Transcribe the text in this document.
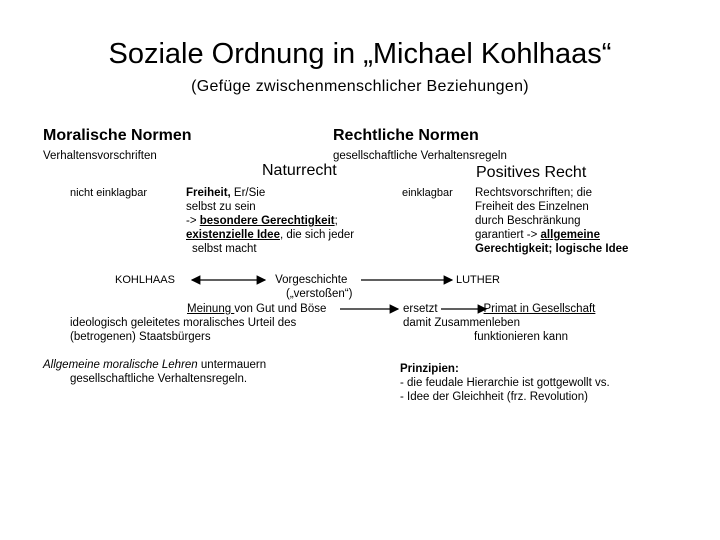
Soziale Ordnung in „Michael Kohlhaas“
(Gefüge zwischenmenschlicher Beziehungen)
Moralische Normen
Verhaltensvorschriften
Rechtliche Normen
gesellschaftliche Verhaltensregeln
Naturrecht	Positives Recht
nicht einklagbar	einklagbar
Freiheit, Er/Sie
selbst zu sein
-> besondere Gerechtigkeit;
existenzielle Idee, die sich jeder
selbst macht
Rechtsvorschriften; die
Freiheit des Einzelnen
durch Beschränkung
garantiert -> allgemeine
Gerechtigkeit; logische Idee
KOHLHAAS	Vorgeschichte
(„verstoßen“)
LUTHER
Meinung von Gut und Böse
ideologisch geleitetes moralisches Urteil des
(betrogenen) Staatsbürgers
ersetzt	Primat in Gesellschaft
damit Zusammenleben
funktionieren kann
Allgemeine moralische Lehren untermauern
gesellschaftliche Verhaltensregeln.
Prinzipien:
- die feudale Hierarchie ist gottgewollt vs.
- Idee der Gleichheit (frz. Revolution)
